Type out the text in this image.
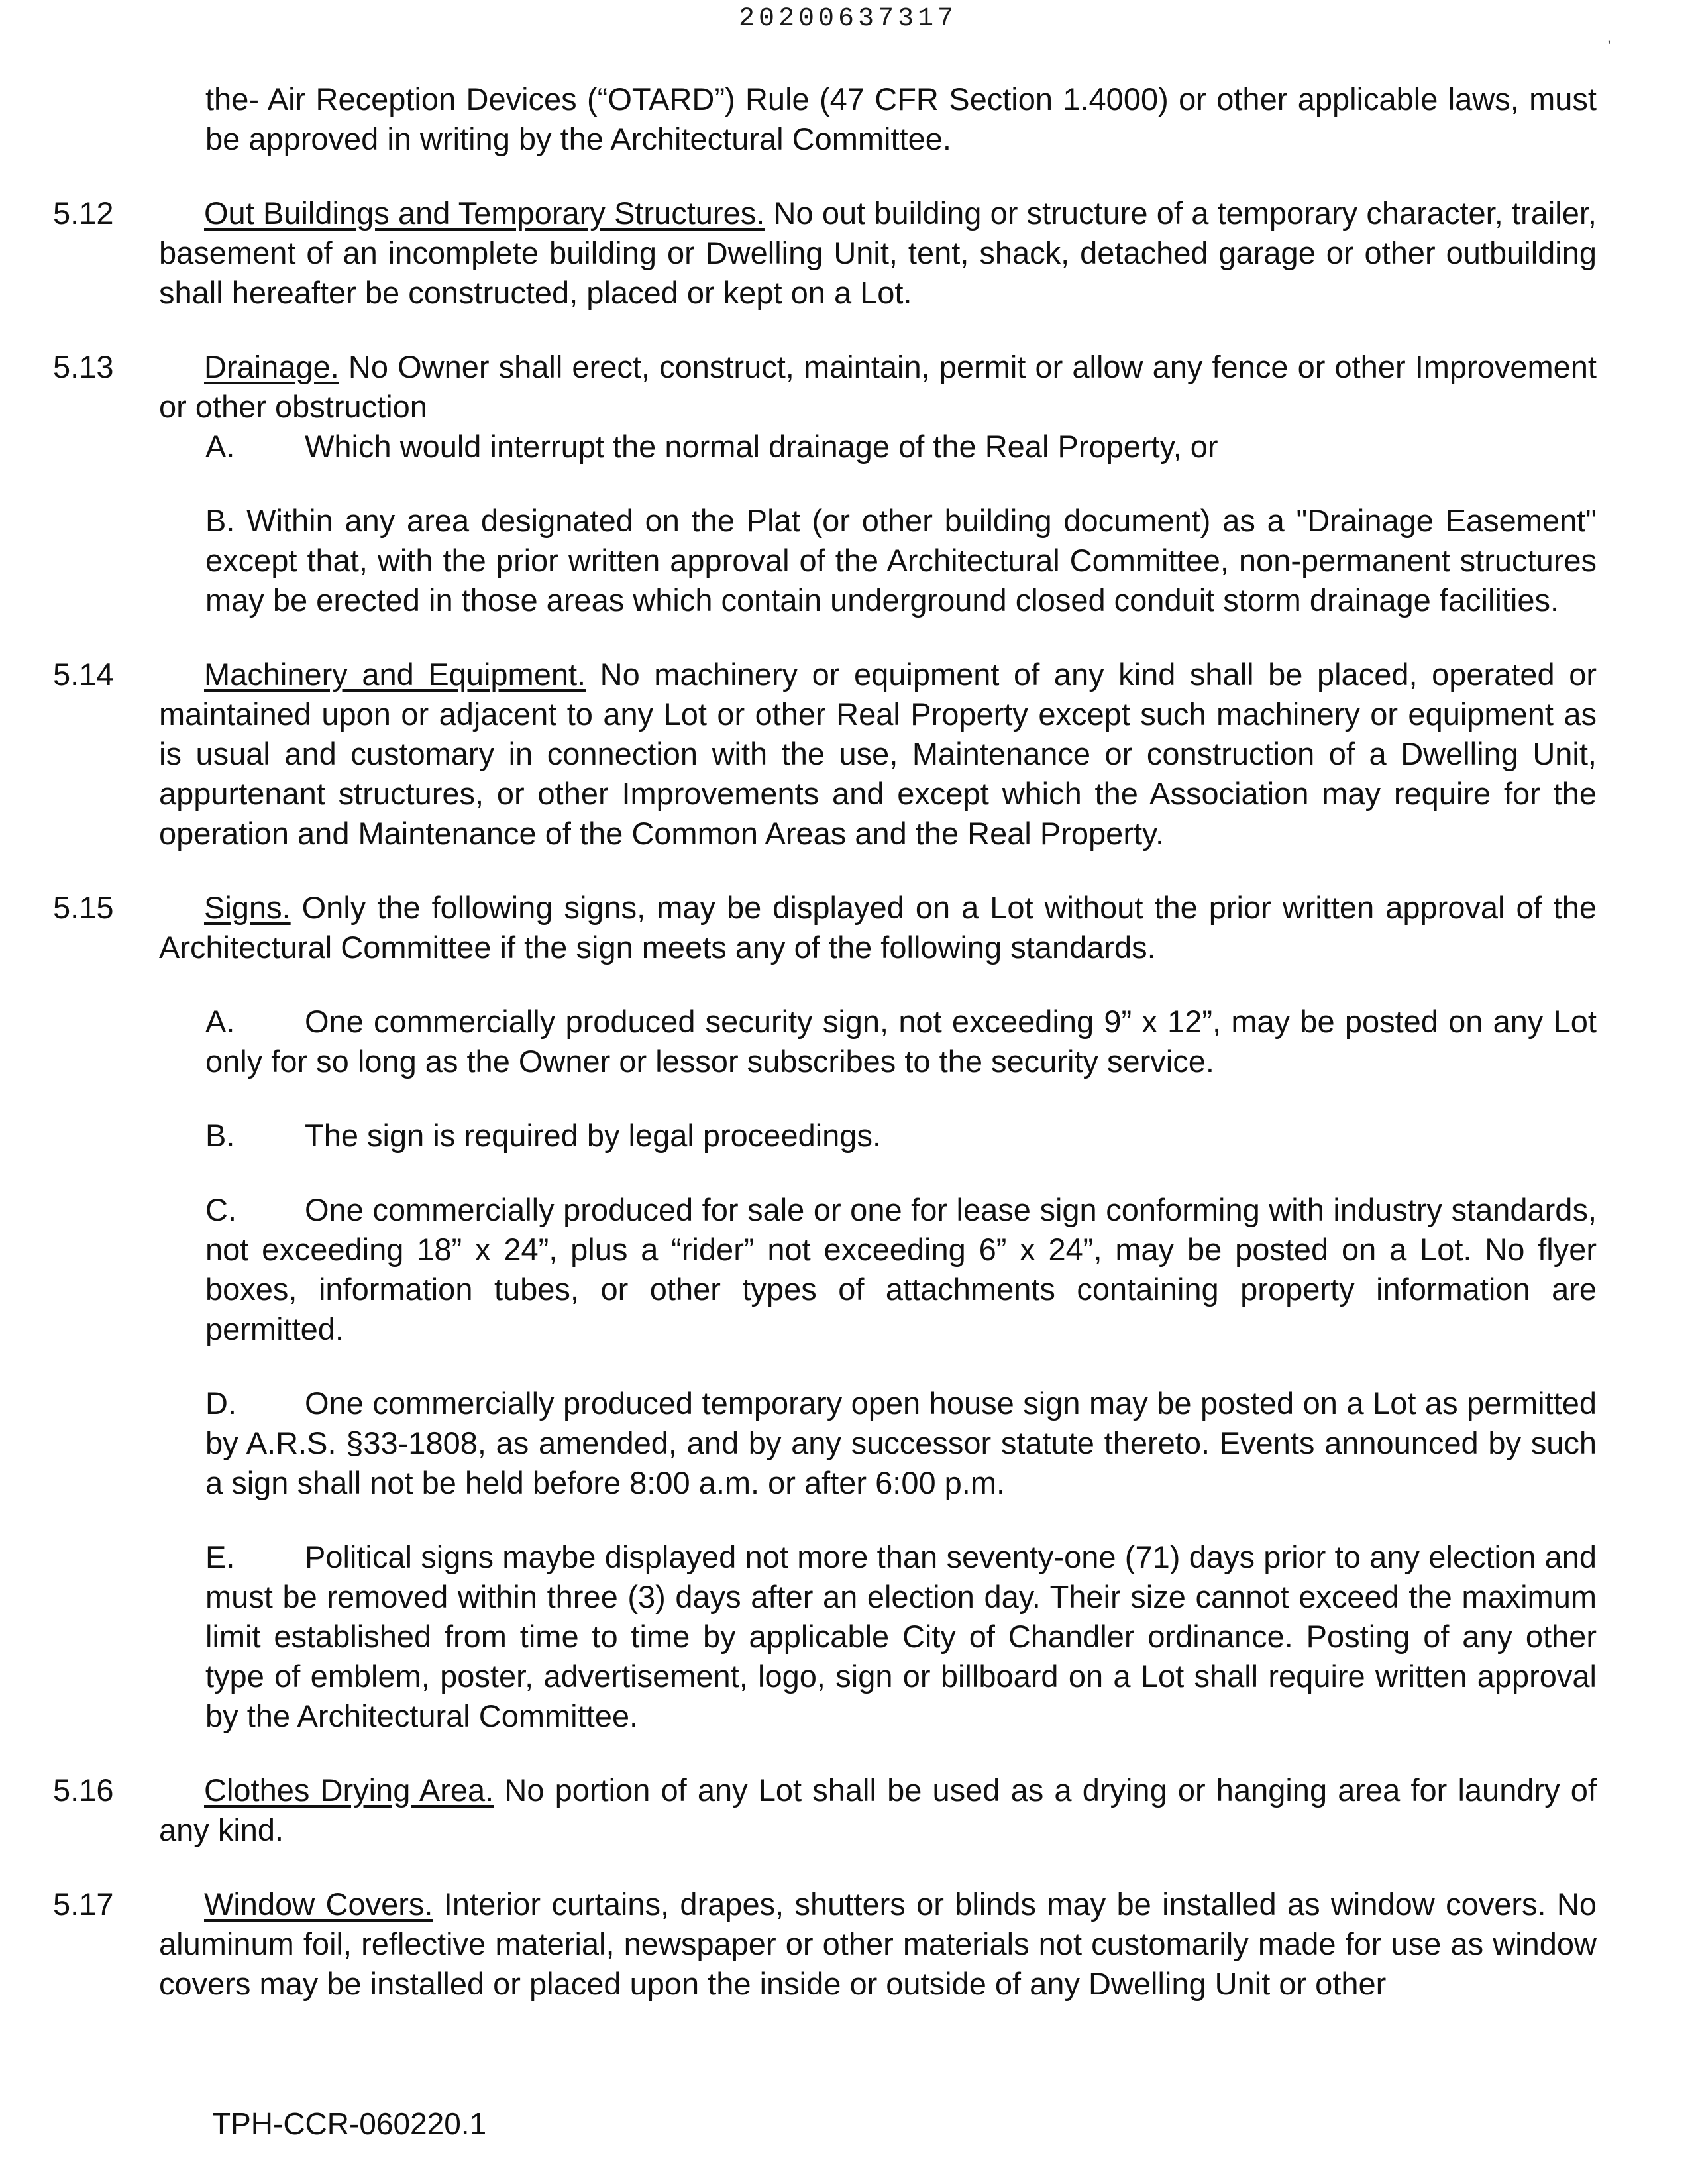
20200637317
,

the- Air Reception Devices (“OTARD”) Rule (47 CFR Section 1.4000) or other applicable laws, must be approved in writing by the Architectural Committee.

5.12	Out Buildings and Temporary Structures. No out building or structure of a temporary character, trailer, basement of an incomplete building or Dwelling Unit, tent, shack, detached garage or other outbuilding shall hereafter be constructed, placed or kept on a Lot.

5.13	Drainage. No Owner shall erect, construct, maintain, permit or allow any fence or other Improvement or other obstruction

A. Which would interrupt the normal drainage of the Real Property, or

B. Within any area designated on the Plat (or other building document) as a "Drainage Easement" except that, with the prior written approval of the Architectural Committee, non-permanent structures may be erected in those areas which contain underground closed conduit storm drainage facilities.

5.14	Machinery and Equipment. No machinery or equipment of any kind shall be placed, operated or maintained upon or adjacent to any Lot or other Real Property except such machinery or equipment as is usual and customary in connection with the use, Maintenance or construction of a Dwelling Unit, appurtenant structures, or other Improvements and except which the Association may require for the operation and Maintenance of the Common Areas and the Real Property.

5.15	Signs. Only the following signs, may be displayed on a Lot without the prior written approval of the Architectural Committee if the sign meets any of the following standards.

A. One commercially produced security sign, not exceeding 9” x 12”, may be posted on any Lot only for so long as the Owner or lessor subscribes to the security service.

B. The sign is required by legal proceedings.

C. One commercially produced for sale or one for lease sign conforming with industry standards, not exceeding 18” x 24”, plus a “rider” not exceeding 6” x 24”, may be posted on a Lot. No flyer boxes, information tubes, or other types of attachments containing property information are permitted.

D. One commercially produced temporary open house sign may be posted on a Lot as permitted by A.R.S. §33-1808, as amended, and by any successor statute thereto. Events announced by such a sign shall not be held before 8:00 a.m. or after 6:00 p.m.

E. Political signs maybe displayed not more than seventy-one (71) days prior to any election and must be removed within three (3) days after an election day. Their size cannot exceed the maximum limit established from time to time by applicable City of Chandler ordinance. Posting of any other type of emblem, poster, advertisement, logo, sign or billboard on a Lot shall require written approval by the Architectural Committee.

5.16	Clothes Drying Area. No portion of any Lot shall be used as a drying or hanging area for laundry of any kind.

5.17	Window Covers. Interior curtains, drapes, shutters or blinds may be installed as window covers. No aluminum foil, reflective material, newspaper or other materials not customarily made for use as window covers may be installed or placed upon the inside or outside of any Dwelling Unit or other

TPH-CCR-060220.1
